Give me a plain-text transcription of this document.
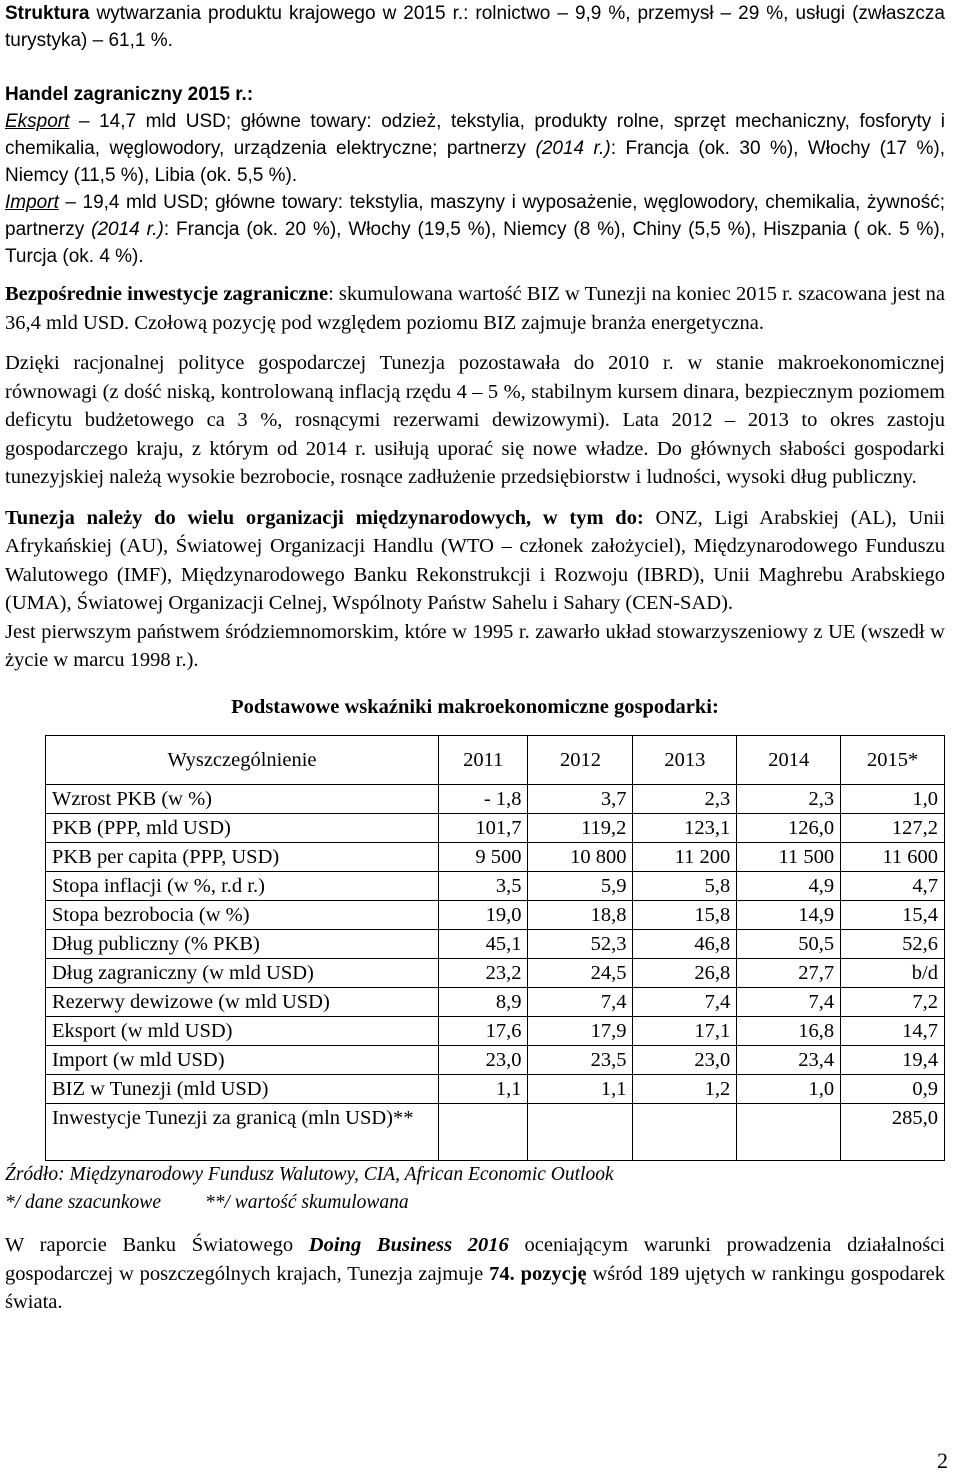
Struktura wytwarzania produktu krajowego w 2015 r.: rolnictwo – 9,9 %, przemysł – 29 %, usługi (zwłaszcza turystyka) – 61,1 %.

Handel zagraniczny 2015 r.:

Eksport – 14,7 mld USD; główne towary: odzież, tekstylia, produkty rolne, sprzęt mechaniczny, fosforyty i chemikalia, węglowodory, urządzenia elektryczne; partnerzy (2014 r.): Francja (ok. 30 %), Włochy (17 %), Niemcy (11,5 %), Libia (ok. 5,5 %).

Import – 19,4 mld USD; główne towary: tekstylia, maszyny i wyposażenie, węglowodory, chemikalia, żywność; partnerzy (2014 r.): Francja (ok. 20 %), Włochy (19,5 %), Niemcy (8 %), Chiny (5,5 %), Hiszpania ( ok. 5 %), Turcja (ok. 4 %).

Bezpośrednie inwestycje zagraniczne: skumulowana wartość BIZ w Tunezji na koniec 2015 r. szacowana jest na 36,4 mld USD. Czołową pozycję pod względem poziomu BIZ zajmuje branża energetyczna.

Dzięki racjonalnej polityce gospodarczej Tunezja pozostawała do 2010 r. w stanie makroekonomicznej równowagi (z dość niską, kontrolowaną inflacją rzędu 4 – 5 %, stabilnym kursem dinara, bezpiecznym poziomem deficytu budżetowego ca 3 %, rosnącymi rezerwami dewizowymi). Lata 2012 – 2013 to okres zastoju gospodarczego kraju, z którym od 2014 r. usiłują uporać się nowe władze. Do głównych słabości gospodarki tunezyjskiej należą wysokie bezrobocie, rosnące zadłużenie przedsiębiorstw i ludności, wysoki dług publiczny.

Tunezja należy do wielu organizacji międzynarodowych, w tym do: ONZ, Ligi Arabskiej (AL), Unii Afrykańskiej (AU), Światowej Organizacji Handlu (WTO – członek założyciel), Międzynarodowego Funduszu Walutowego (IMF), Międzynarodowego Banku Rekonstrukcji i Rozwoju (IBRD), Unii Maghrebu Arabskiego (UMA), Światowej Organizacji Celnej, Wspólnoty Państw Sahelu i Sahary (CEN-SAD).

Jest pierwszym państwem śródziemnomorskim, które w 1995 r. zawarło układ stowarzyszeniowy z UE (wszedł w życie w marcu 1998 r.).

Podstawowe wskaźniki makroekonomiczne gospodarki:
Wyszczególnienie	2011	2012	2013	2014	2015*
Wzrost PKB (w %)	- 1,8	3,7	2,3	2,3	1,0
PKB (PPP, mld USD)	101,7	119,2	123,1	126,0	127,2
PKB per capita (PPP, USD)	9 500	10 800	11 200	11 500	11 600
Stopa inflacji (w %, r.d r.)	3,5	5,9	5,8	4,9	4,7
Stopa bezrobocia (w %)	19,0	18,8	15,8	14,9	15,4
Dług publiczny (% PKB)	45,1	52,3	46,8	50,5	52,6
Dług zagraniczny (w mld USD)	23,2	24,5	26,8	27,7	b/d
Rezerwy dewizowe (w mld USD)	8,9	7,4	7,4	7,4	7,2
Eksport (w mld USD)	17,6	17,9	17,1	16,8	14,7
Import (w mld USD)	23,0	23,5	23,0	23,4	19,4
BIZ w Tunezji (mld USD)	1,1	1,1	1,2	1,0	0,9
Inwestycje Tunezji za granicą (mln USD)**					285,0
Źródło: Międzynarodowy Fundusz Walutowy, CIA, African Economic Outlook
*/ dane szacunkowe **/ wartość skumulowana

W raporcie Banku Światowego Doing Business 2016 oceniającym warunki prowadzenia działalności gospodarczej w poszczególnych krajach, Tunezja zajmuje 74. pozycję wśród 189 ujętych w rankingu gospodarek świata.

2
